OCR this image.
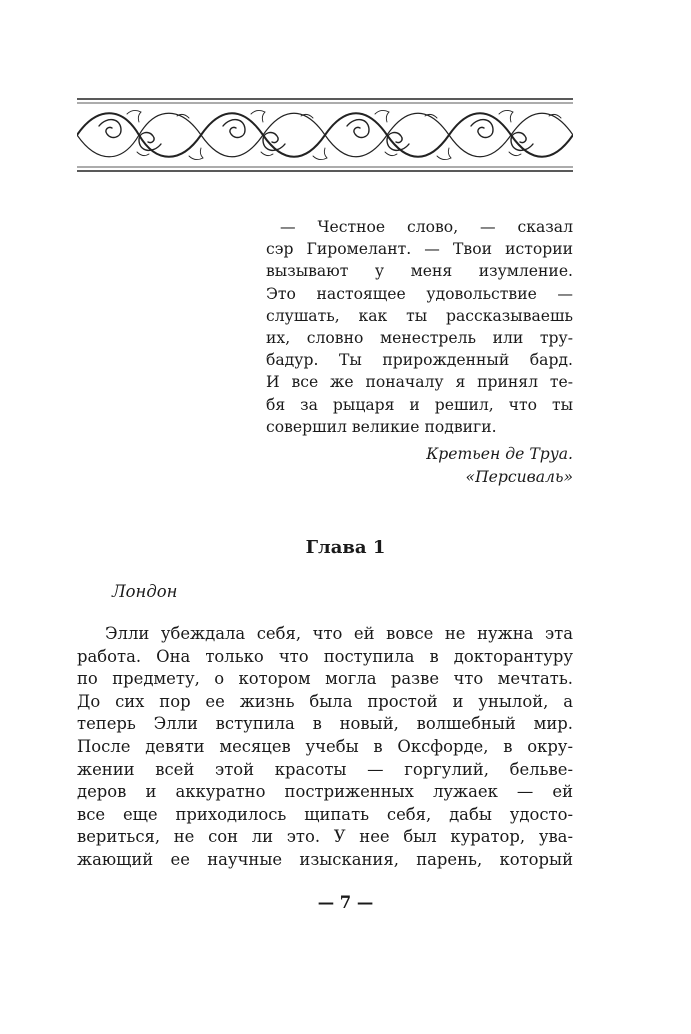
— Честное слово, — сказал
сэр Гиромелант. — Твои истории
вызывают у меня изумление.
Это настоящее удовольствие —
слушать, как ты рассказываешь
их, словно менестрель или тру-
бадур. Ты прирожденный бард.
И все же поначалу я принял те-
бя за рыцаря и решил, что ты
совершил великие подвиги.

Кретьен де Труа.
«Персиваль»
Глава 1
Лондон
Элли убеждала себя, что ей вовсе не нужна эта
работа. Она только что поступила в докторантуру
по предмету, о котором могла разве что мечтать.
До сих пор ее жизнь была простой и унылой, а
теперь Элли вступила в новый, волшебный мир.
После девяти месяцев учебы в Оксфорде, в окру-
жении всей этой красоты — горгулий, бельве-
деров и аккуратно постриженных лужаек — ей
все еще приходилось щипать себя, дабы удосто-
вериться, не сон ли это. У нее был куратор, ува-
жающий ее научные изыскания, парень, который
— 7 —
